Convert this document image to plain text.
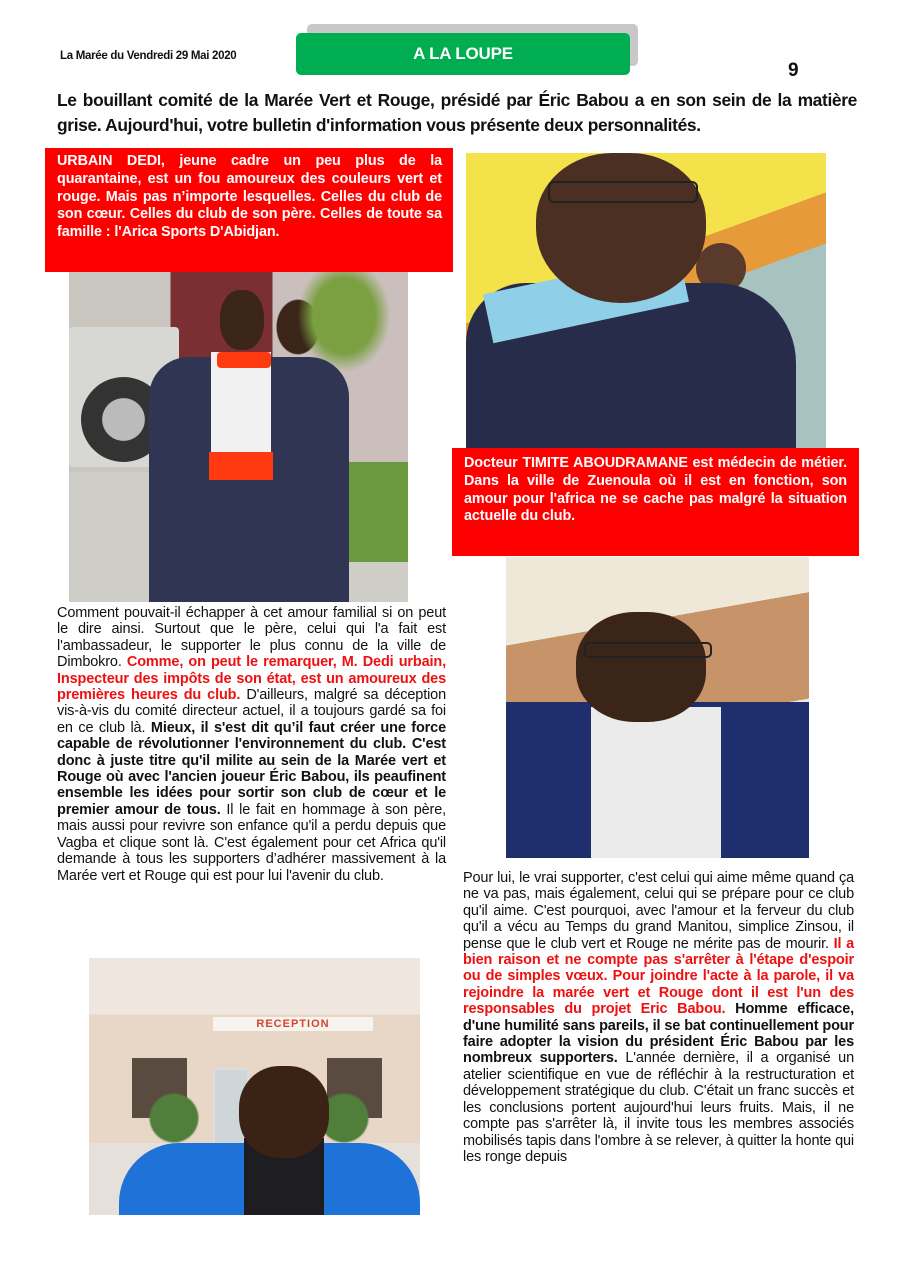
La Marée du Vendredi 29 Mai 2020	A LA LOUPE
9
Le bouillant comité de la Marée Vert et Rouge, présidé par Éric Babou a en son sein de la matière grise. Aujourd'hui, votre bulletin d'information vous présente deux personnalités.
URBAIN DEDI, jeune cadre un peu plus de la quarantaine, est un fou amoureux des couleurs vert et rouge. Mais pas n’importe lesquelles. Celles du club de son cœur. Celles du club de son père. Celles de toute sa famille : l'Arica Sports D'Abidjan.
Docteur TIMITE ABOUDRAMANE est médecin de métier. Dans la ville de Zuenoula où il est en fonction, son amour pour l'africa ne se cache pas malgré la situation actuelle du club.
Comment pouvait-il échapper à cet amour familial si on peut le dire ainsi. Surtout que le père, celui qui l'a fait est l'ambassadeur, le supporter le plus connu de la ville de Dimbokro. Comme, on peut le remarquer, M. Dedi urbain, Inspecteur des impôts de son état, est un amoureux des premières heures du club. D'ailleurs, malgré sa déception vis-à-vis du comité directeur actuel, il a toujours gardé sa foi en ce club là. Mieux, il s'est dit qu’il faut créer une force capable de révolutionner l'environnement du club. C'est donc à juste titre qu'il milite au sein de la Marée vert et Rouge où avec l'ancien joueur Éric Babou, ils peaufinent ensemble les idées pour sortir son club de cœur et le premier amour de tous. Il le fait en hommage à son père, mais aussi pour revivre son enfance qu'il a perdu depuis que Vagba et clique sont là. C'est également pour cet Africa qu'il demande à tous les supporters d’adhérer massivement à la Marée vert et Rouge qui est pour lui l'avenir du club.
RECEPTION
Pour lui, le vrai supporter, c'est celui qui aime même quand ça ne va pas, mais également, celui qui se prépare pour ce club qu'il aime. C'est pourquoi, avec l'amour et la ferveur du club qu'il a vécu au Temps du grand Manitou, simplice Zinsou, il pense que le club vert et Rouge ne mérite pas de mourir. Il a bien raison et ne compte pas s'arrêter à l'étape d'espoir ou de simples vœux. Pour joindre l'acte à la parole, il va rejoindre la marée vert et Rouge dont il est l'un des responsables du projet Eric Babou. Homme efficace, d'une humilité sans pareils, il se bat continuellement pour faire adopter la vision du président Éric Babou par les nombreux supporters. L'année dernière, il a organisé un atelier scientifique en vue de réfléchir à la restructuration et développement stratégique du club. C'était un franc succès et les conclusions portent aujourd'hui leurs fruits. Mais, il ne compte pas s'arrêter là, il invite tous les membres associés mobilisés tapis dans l'ombre à se relever, à quitter la honte qui les ronge depuis
